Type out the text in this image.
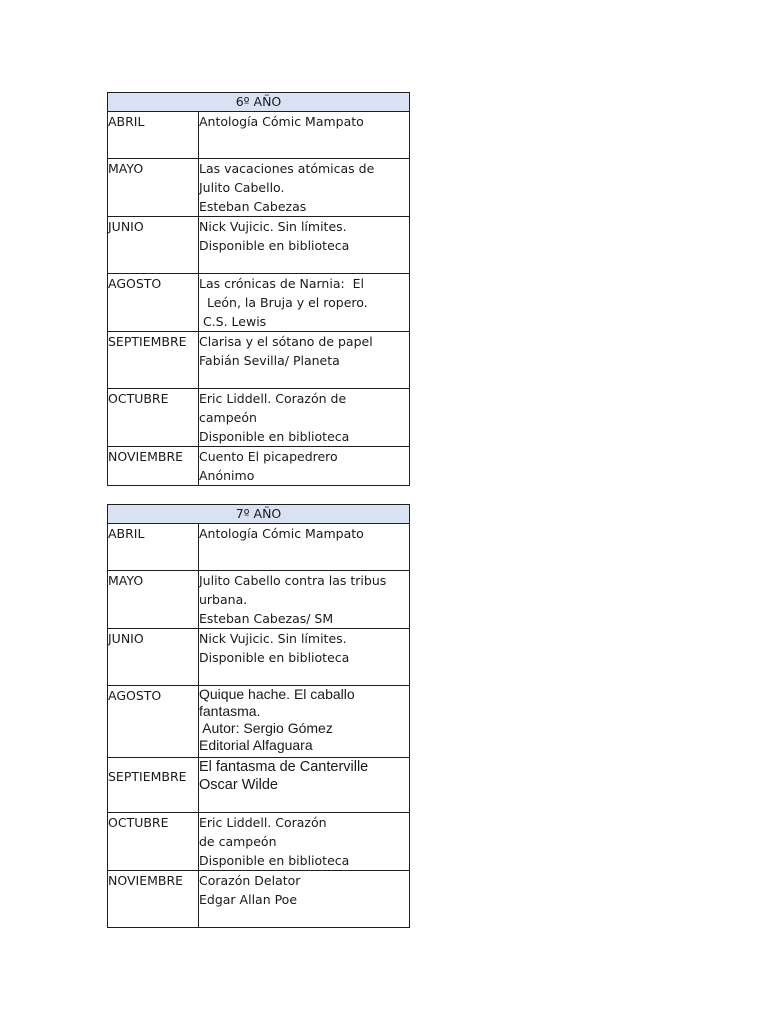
6º AÑO	
ABRIL	Antología Cómic Mampato

MAYO	Las vacaciones atómicas de
Julito Cabello.
Esteban Cabezas

JUNIO	Nick Vujicic. Sin límites.
Disponible en biblioteca

AGOSTO	Las crónicas de Narnia:  El
León, la Bruja y el ropero.
C.S. Lewis

SEPTIEMBRE	Clarisa y el sótano de papel
Fabián Sevilla/ Planeta

OCTUBRE	Eric Liddell. Corazón de
campeón
Disponible en biblioteca

NOVIEMBRE	Cuento El picapedrero
Anónimo
7º AÑO	
ABRIL	Antología Cómic Mampato

MAYO	Julito Cabello contra las tribus
urbana.
Esteban Cabezas/ SM

JUNIO	Nick Vujicic. Sin límites.
Disponible en biblioteca

AGOSTO	Quique hache. El caballo
fantasma.
Autor: Sergio Gómez
Editorial Alfaguara

SEPTIEMBRE	El fantasma de Canterville
Oscar Wilde

OCTUBRE	Eric Liddell. Corazón
de campeón
Disponible en biblioteca

NOVIEMBRE	Corazón Delator
Edgar Allan Poe
